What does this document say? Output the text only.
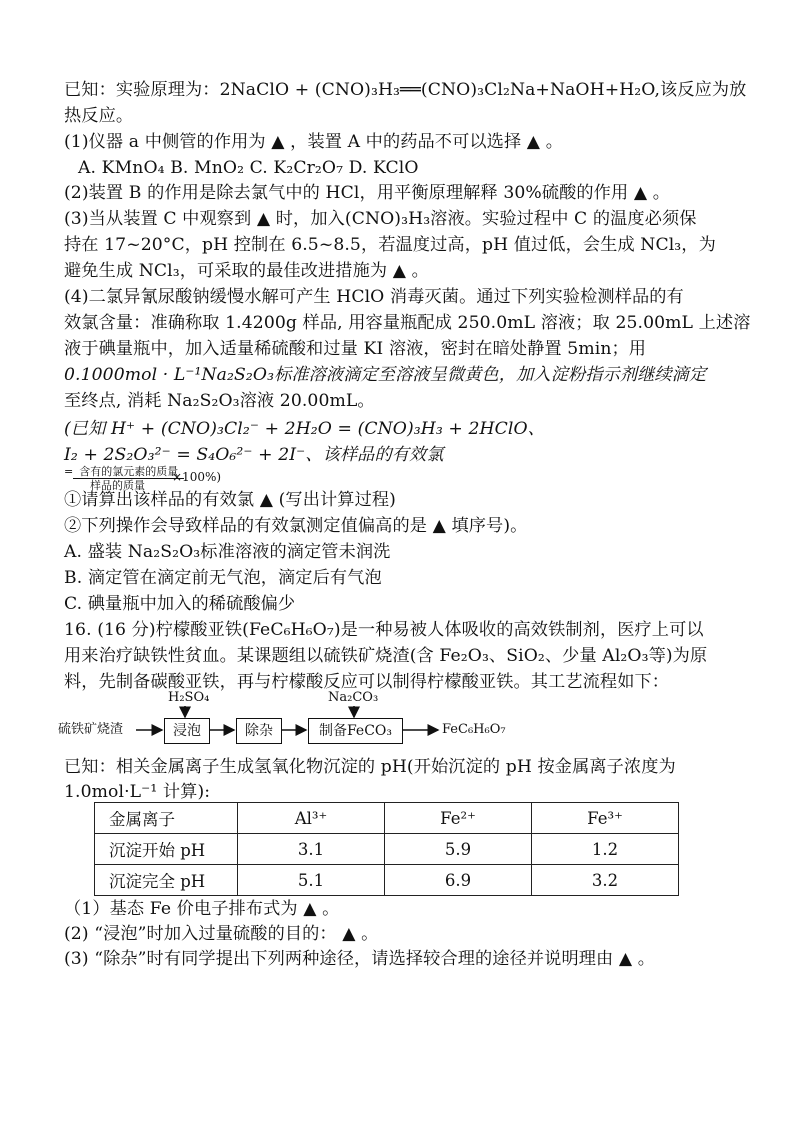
已知：实验原理为：2NaClO + (CNO)₃H₃══(CNO)₃Cl₂Na+NaOH+H₂O,该反应为放
热反应。
(1)仪器 a 中侧管的作用为 ▲ ，装置 A 中的药品不可以选择 ▲ 。
A. KMnO₄ B. MnO₂ C. K₂Cr₂O₇ D. KClO
(2)装置 B 的作用是除去氯气中的 HCl，用平衡原理解释 30%硫酸的作用 ▲ 。
(3)当从装置 C 中观察到 ▲ 时，加入(CNO)₃H₃溶液。实验过程中 C 的温度必须保
持在 17~20°C，pH 控制在 6.5~8.5，若温度过高，pH 值过低，会生成 NCl₃，为
避免生成 NCl₃，可采取的最佳改进措施为 ▲ 。
(4)二氯异氰尿酸钠缓慢水解可产生 HClO 消毒灭菌。通过下列实验检测样品的有
效氯含量：准确称取 1.4200g 样品, 用容量瓶配成 250.0mL 溶液；取 25.00mL 上述溶
液于碘量瓶中，加入适量稀硫酸和过量 KI 溶液，密封在暗处静置 5min；用
0.1000mol · L⁻¹Na₂S₂O₃标准溶液滴定至溶液呈微黄色，加入淀粉指示剂继续滴定
至终点, 消耗 Na₂S₂O₃溶液 20.00mL。
(已知 H⁺ + (CNO)₃Cl₂⁻ + 2H₂O = (CNO)₃H₃ + 2HClO、
I₂ + 2S₂O₃²⁻ = S₄O₆²⁻ + 2I⁻、该样品的有效氯
= 含有的氯元素的质量
样品的质量
×100%)
①请算出该样品的有效氯 ▲ (写出计算过程)
②下列操作会导致样品的有效氯测定值偏高的是 ▲ 填序号)。
A. 盛装 Na₂S₂O₃标准溶液的滴定管未润洗
B. 滴定管在滴定前无气泡，滴定后有气泡
C. 碘量瓶中加入的稀硫酸偏少
16. (16 分)柠檬酸亚铁(FeC₆H₆O₇)是一种易被人体吸收的高效铁制剂，医疗上可以
用来治疗缺铁性贫血。某课题组以硫铁矿烧渣(含 Fe₂O₃、SiO₂、少量 Al₂O₃等)为原
料，先制备碳酸亚铁，再与柠檬酸反应可以制得柠檬酸亚铁。其工艺流程如下：
硫铁矿烧渣
H₂SO₄	Na₂CO₃
浸泡	除杂	制备FeCO₃	FeC₆H₆O₇
已知：相关金属离子生成氢氧化物沉淀的 pH(开始沉淀的 pH 按金属离子浓度为
1.0mol·L⁻¹ 计算):
金属离子	Al³⁺	Fe²⁺	Fe³⁺
沉淀开始 pH	3.1	5.9	1.2
沉淀完全 pH	5.1	6.9	3.2
（1）基态 Fe 价电子排布式为 ▲ 。
(2) “浸泡”时加入过量硫酸的目的： ▲ 。
(3) “除杂”时有同学提出下列两种途径，请选择较合理的途径并说明理由 ▲ 。
